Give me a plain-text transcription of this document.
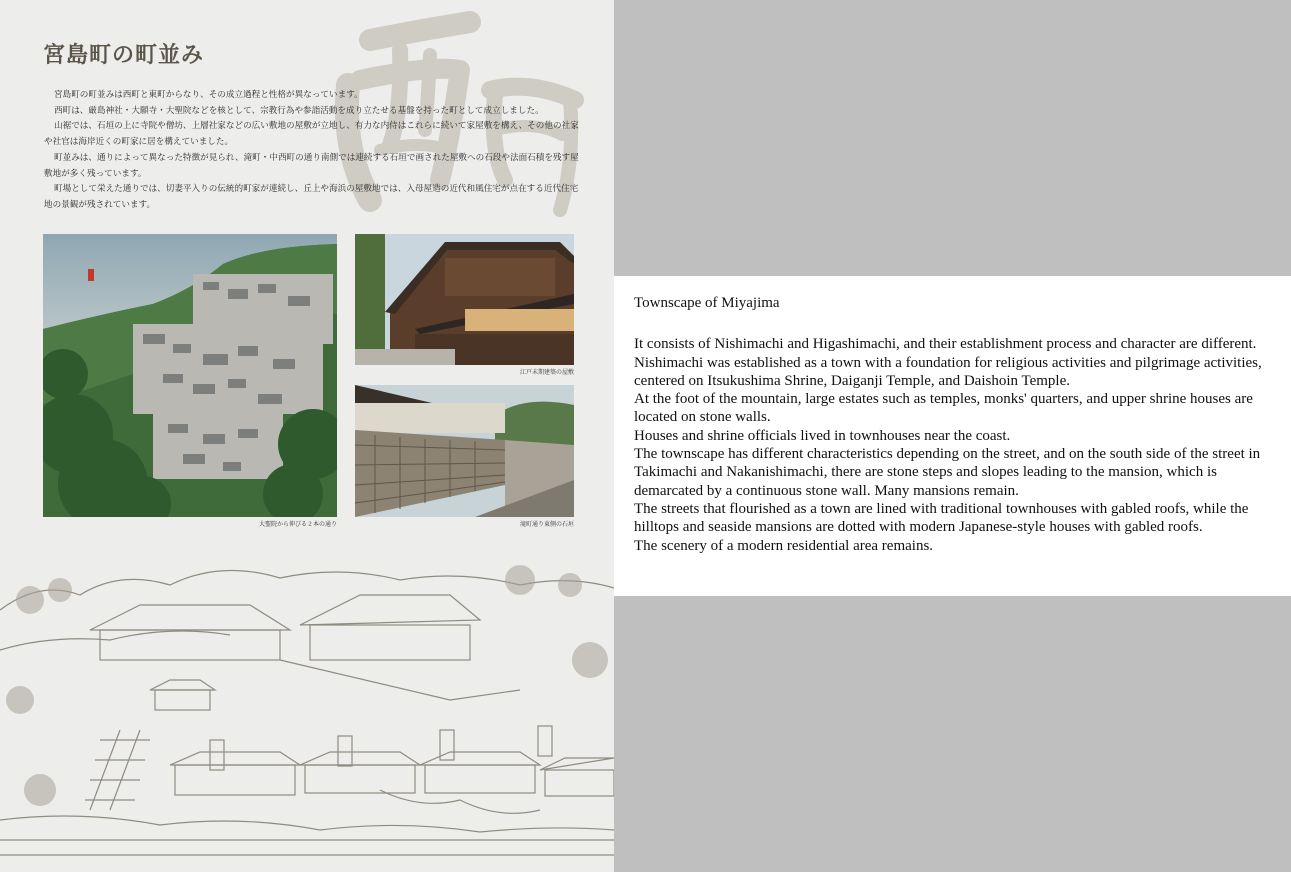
宮島町の町並み

宮島町の町並みは西町と東町からなり、その成立過程と性格が異なっています。

西町は、厳島神社・大願寺・大聖院などを核として、宗教行為や参詣活動を成り立たせる基盤を持った町として成立しました。

山裾では、石垣の上に寺院や僧坊、上層社家などの広い敷地の屋敷が立地し、有力な内侍はこれらに続いて家屋敷を構え、その他の社家や社官は海岸近くの町家に居を構えていました。

町並みは、通りによって異なった特徴が見られ、滝町・中西町の通り南側では連続する石垣で画された屋敷への石段や法面石積を残す屋敷地が多く残っています。

町場として栄えた通りでは、切妻平入りの伝統的町家が連続し、丘上や海浜の屋敷地では、入母屋造の近代和風住宅が点在する近代住宅地の景観が残されています。

大聖院から伸びる２本の通り
江戸末期建築の屋敷
滝町通り東側の石垣
Townscape of Miyajima

It consists of Nishimachi and Higashimachi, and their establishment process and character are different.

Nishimachi was established as a town with a foundation for religious activities and pilgrimage activities, centered on Itsukushima Shrine, Daiganji Temple, and Daishoin Temple.

At the foot of the mountain, large estates such as temples, monks' quarters, and upper shrine houses are located on stone walls.

Houses and shrine officials lived in townhouses near the coast.

The townscape has different characteristics depending on the street, and on the south side of the street in Takimachi and Nakanishimachi, there are stone steps and slopes leading to the mansion, which is demarcated by a continuous stone wall. Many mansions remain.

The streets that flourished as a town are lined with traditional townhouses with gabled roofs, while the hilltops and seaside mansions are dotted with modern Japanese-style houses with gabled roofs.

The scenery of a modern residential area remains.
